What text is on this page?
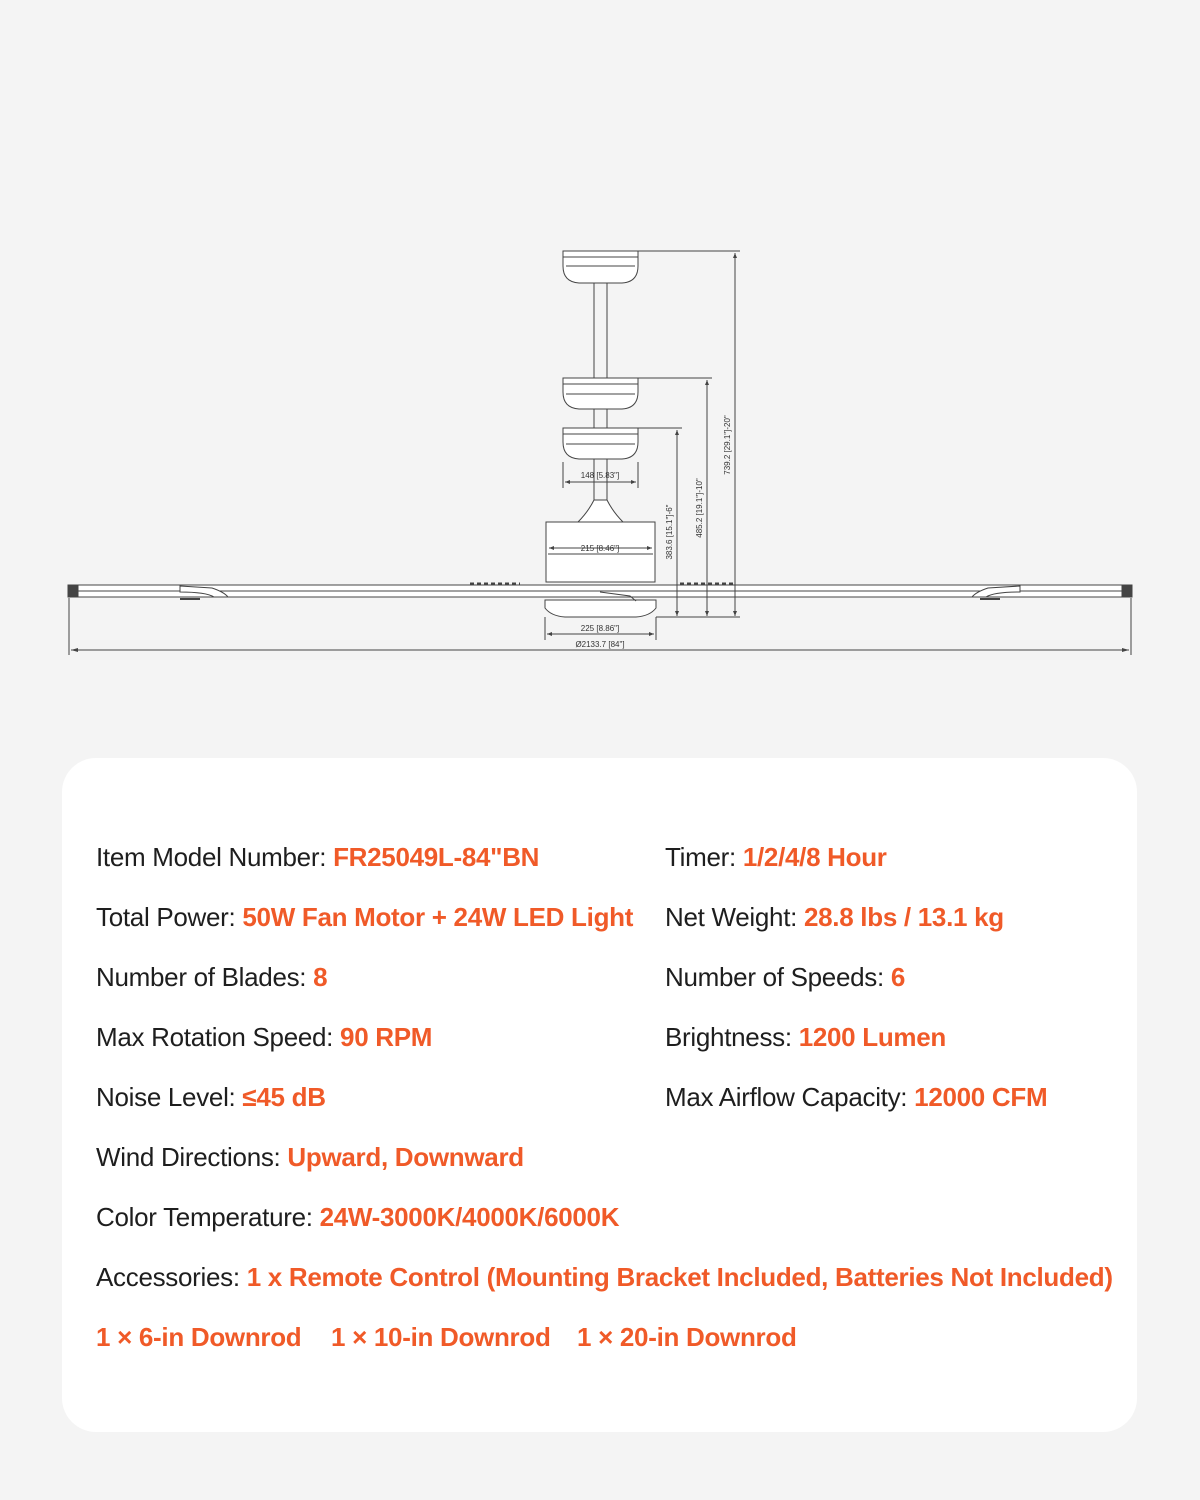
148 [5.83"]
215 [8.46"]
225 [8.86"]
Ø2133.7 [84"]
739.2 [29.1"]-20"
485.2 [19.1"]-10"
383.6 [15.1"]-6"
Item Model Number: FR25049L-84"BN	Timer: 1/2/4/8 Hour
Total Power: 50W Fan Motor + 24W LED Light Net Weight: 28.8 lbs / 13.1 kg
Number of Blades: 8	Number of Speeds: 6
Max Rotation Speed: 90 RPM	Brightness: 1200 Lumen
Noise Level: ≤45 dB	Max Airflow Capacity: 12000 CFM
Wind Directions: Upward, Downward
Color Temperature: 24W-3000K/4000K/6000K
Accessories: 1 x Remote Control (Mounting Bracket Included, Batteries Not Included)
1 × 6-in Downrod 1 × 10-in Downrod 1 × 20-in Downrod
